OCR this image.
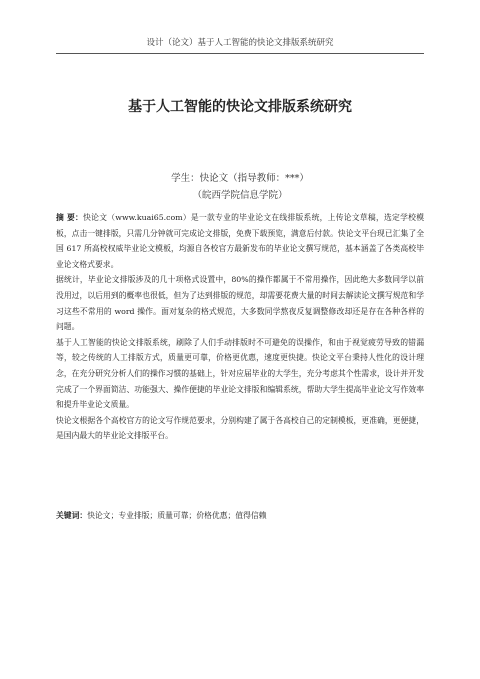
设计（论文）基于人工智能的快论文排版系统研究
基于人工智能的快论文排版系统研究
学生：快论文（指导教师：***）
（皖西学院信息学院）

摘 要：快论文（www.kuai65.com）是一款专业的毕业论文在线排版系统，上传论文草稿，选定学校模板，点击一键排版，只需几分钟就可完成论文排版，免费下载预览，满意后付款。快论文平台现已汇集了全国 617 所高校权威毕业论文模板，均源自各校官方最新发布的毕业论文撰写规范，基本涵盖了各类高校毕业论文格式要求。

据统计，毕业论文排版涉及的几十项格式设置中，80%的操作都属于不常用操作，因此绝大多数同学以前没用过，以后用到的概率也很低，但为了达到排版的规范，却需要花费大量的时间去解读论文撰写规范和学习这些不常用的 word 操作。面对复杂的格式规范，大多数同学熬夜反复调整修改却还是存在各种各样的问题。

基于人工智能的快论文排版系统，刷除了人们手动排版时不可避免的误操作，和由于视觉疲劳导致的错漏等，较之传统的人工排版方式，质量更可靠，价格更优惠，速度更快捷。快论文平台秉持人性化的设计理念，在充分研究分析人们的操作习惯的基础上，针对应届毕业的大学生，充分考虑其个性需求，设计并开发完成了一个界面简洁、功能强大、操作便捷的毕业论文排版和编辑系统，帮助大学生提高毕业论文写作效率和提升毕业论文质量。

快论文根据各个高校官方的论文写作规范要求，分别构建了属于各高校自己的定制模板，更准确，更便捷，是国内最大的毕业论文排版平台。

关键词：快论文；专业排版；质量可靠；价格优惠；值得信赖
